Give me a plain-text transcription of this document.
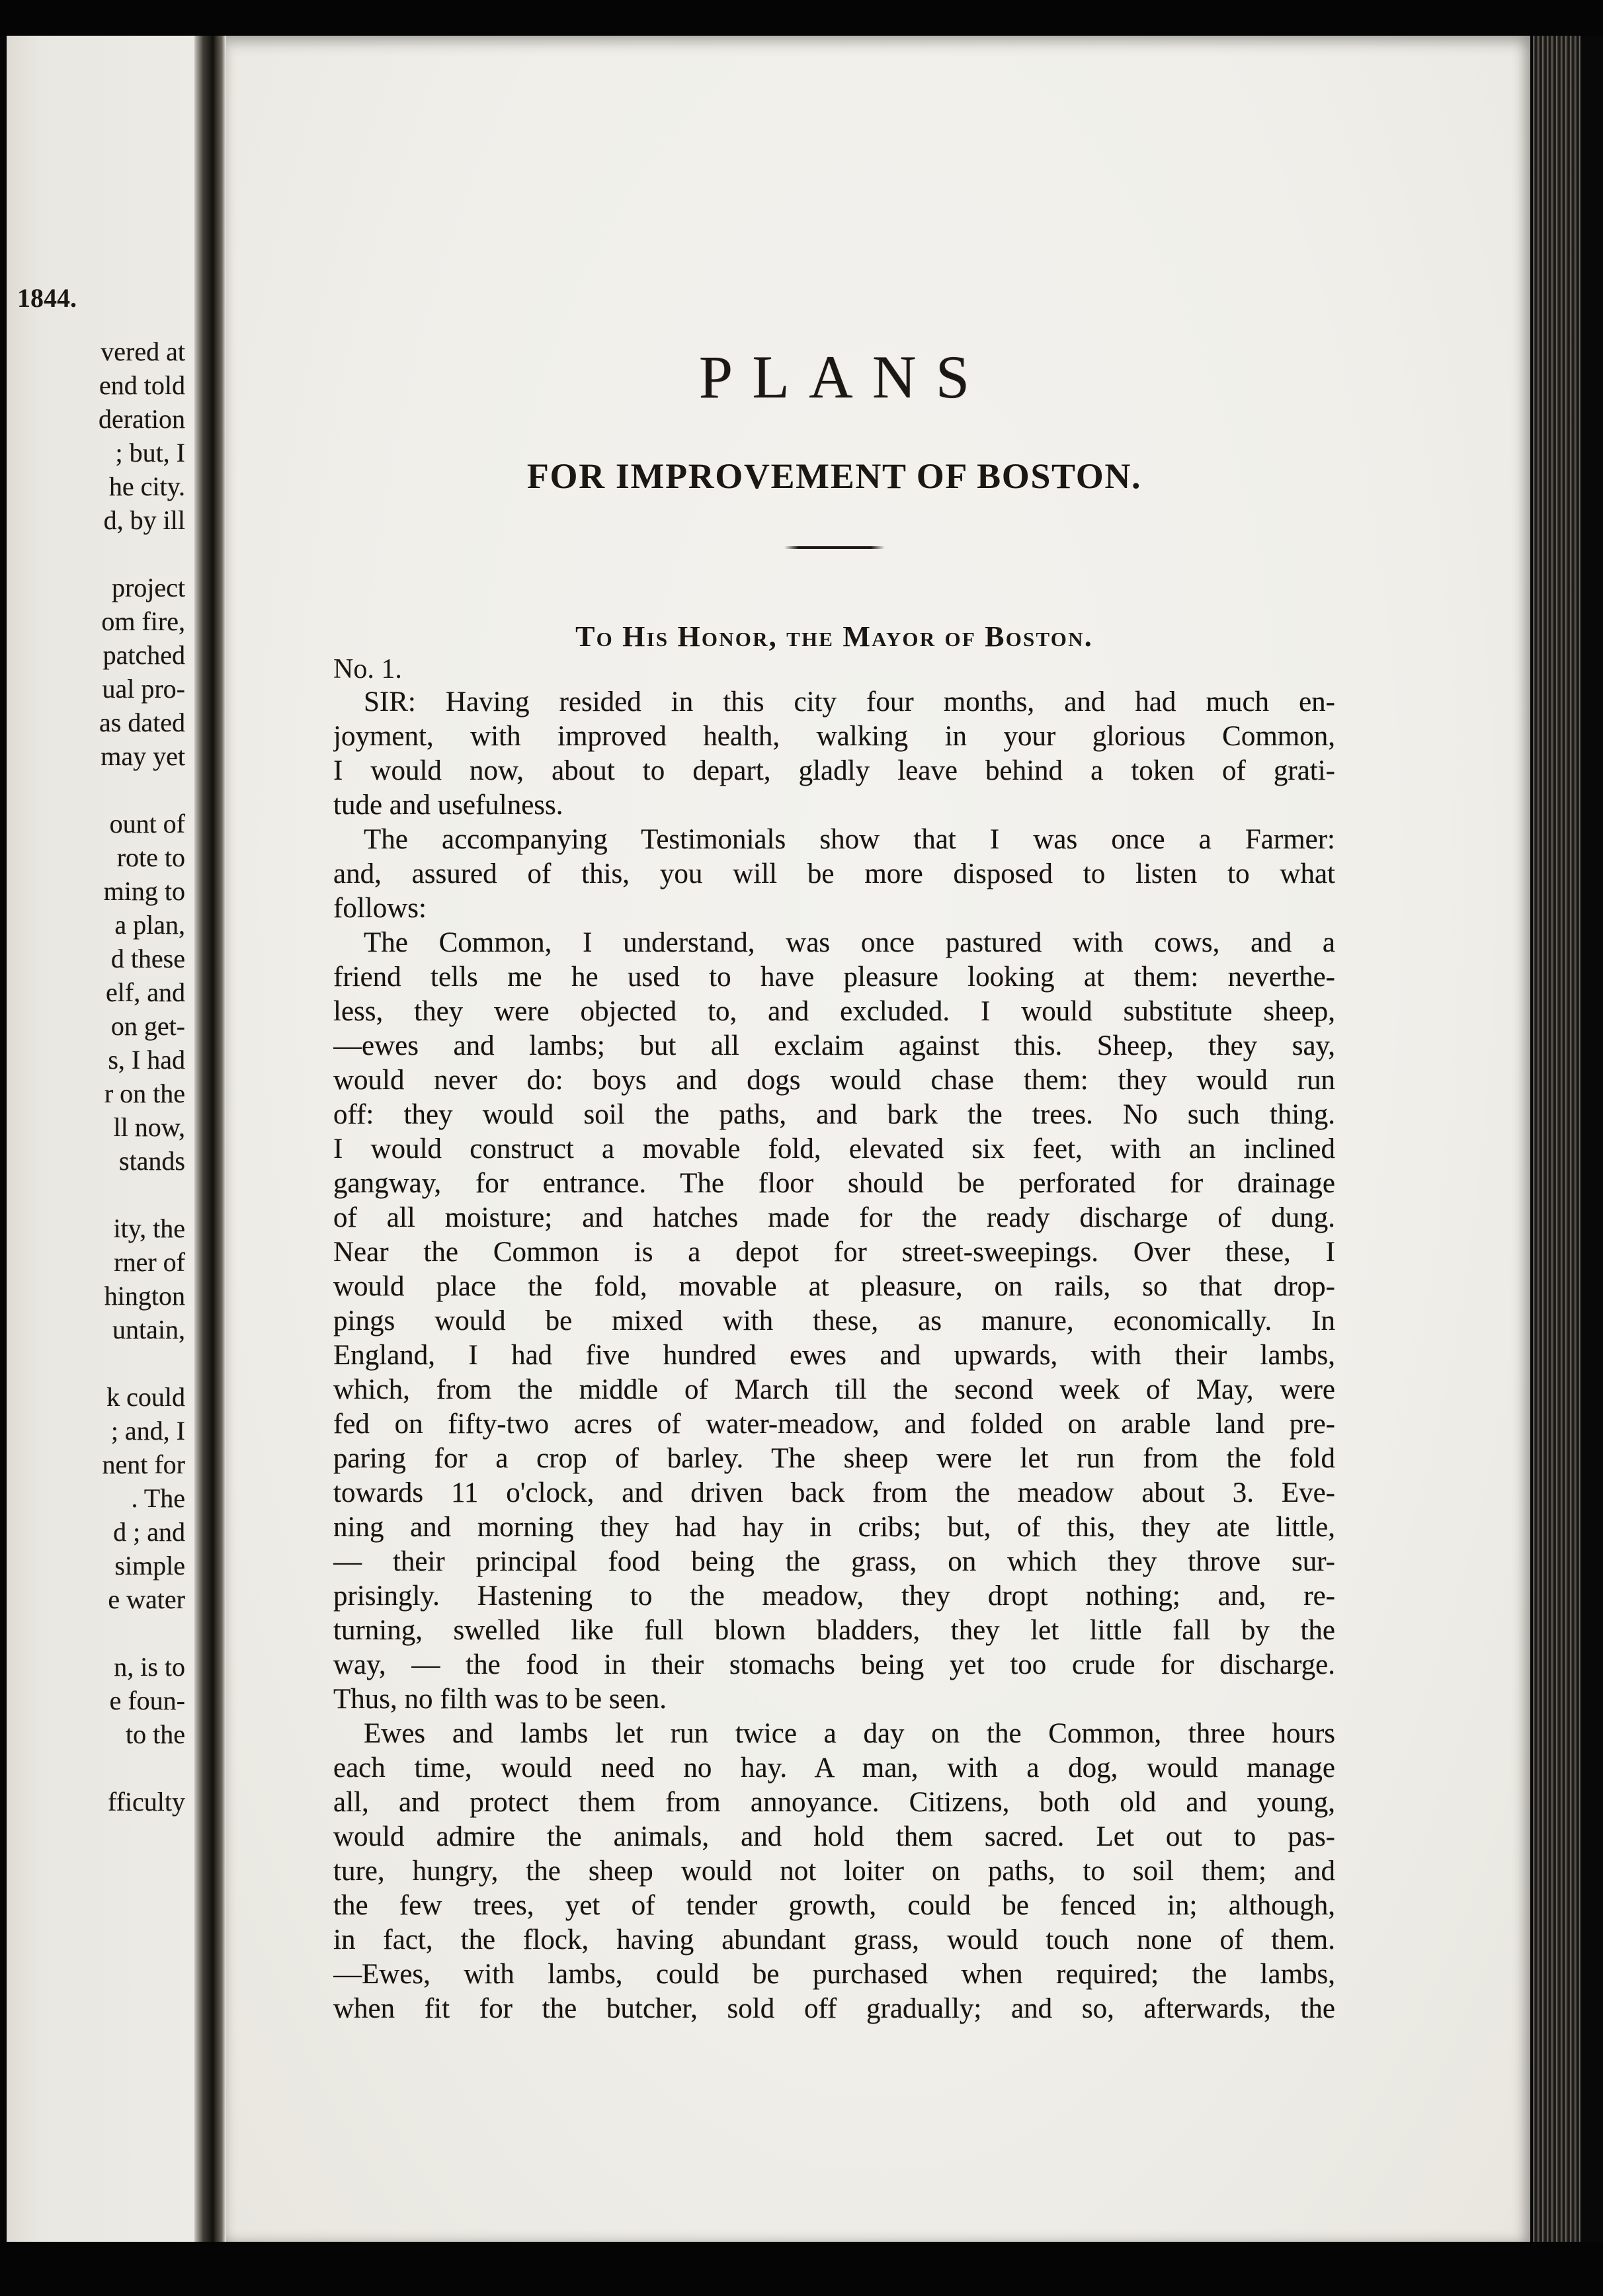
1844.
vered at
end told
deration
; but, I
he city.
d, by ill
project
om fire,
patched
ual pro-
as dated
may yet
ount of
rote to
ming to
a plan,
d these
elf, and
on get-
s, I had
r on the
ll now,
stands
ity, the
rner of
hington
untain,
k could
; and, I
nent for
. The
d ; and
simple
e water
n, is to
e foun-
to the
fficulty
PLANS
FOR IMPROVEMENT OF BOSTON.
To His Honor, the Mayor of Boston.
No. 1.
SIR: Having resided in this city four months, and had much en-
joyment, with improved health, walking in your glorious Common,
I would now, about to depart, gladly leave behind a token of grati-
tude and usefulness.
The accompanying Testimonials show that I was once a Farmer:
and, assured of this, you will be more disposed to listen to what
follows:
The Common, I understand, was once pastured with cows, and a
friend tells me he used to have pleasure looking at them: neverthe-
less, they were objected to, and excluded. I would substitute sheep,
—ewes and lambs; but all exclaim against this. Sheep, they say,
would never do: boys and dogs would chase them: they would run
off: they would soil the paths, and bark the trees. No such thing.
I would construct a movable fold, elevated six feet, with an inclined
gangway, for entrance. The floor should be perforated for drainage
of all moisture; and hatches made for the ready discharge of dung.
Near the Common is a depot for street-sweepings. Over these, I
would place the fold, movable at pleasure, on rails, so that drop-
pings would be mixed with these, as manure, economically. In
England, I had five hundred ewes and upwards, with their lambs,
which, from the middle of March till the second week of May, were
fed on fifty-two acres of water-meadow, and folded on arable land pre-
paring for a crop of barley. The sheep were let run from the fold
towards 11 o'clock, and driven back from the meadow about 3. Eve-
ning and morning they had hay in cribs; but, of this, they ate little,
— their principal food being the grass, on which they throve sur-
prisingly. Hastening to the meadow, they dropt nothing; and, re-
turning, swelled like full blown bladders, they let little fall by the
way, — the food in their stomachs being yet too crude for discharge.
Thus, no filth was to be seen.
Ewes and lambs let run twice a day on the Common, three hours
each time, would need no hay. A man, with a dog, would manage
all, and protect them from annoyance. Citizens, both old and young,
would admire the animals, and hold them sacred. Let out to pas-
ture, hungry, the sheep would not loiter on paths, to soil them; and
the few trees, yet of tender growth, could be fenced in; although,
in fact, the flock, having abundant grass, would touch none of them.
—Ewes, with lambs, could be purchased when required; the lambs,
when fit for the butcher, sold off gradually; and so, afterwards, the
